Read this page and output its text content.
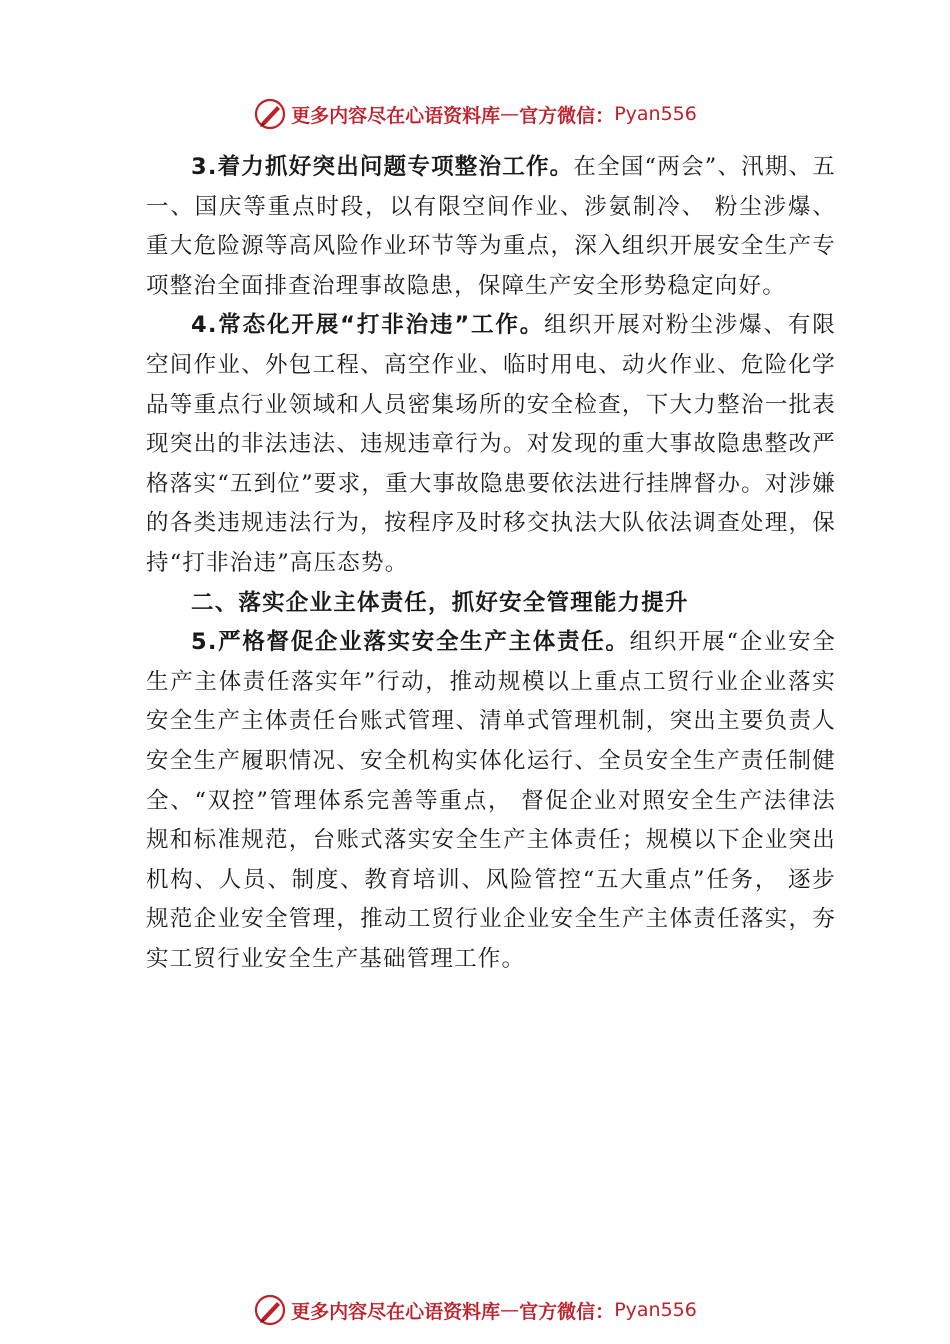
更多内容尽在心语资料库 — 官方微信： Pyan556

3.着力抓好突出问题专项整治工作。在全国“两会”、汛期、五一、国庆等重点时段，以有限空间作业、涉氨制冷、 粉尘涉爆、重大危险源等高风险作业环节等为重点，深入组织开展安全生产专项整治全面排查治理事故隐患，保障生产安全形势稳定向好。

4.常态化开展“打非治违”工作。组织开展对粉尘涉爆、有限空间作业、外包工程、高空作业、临时用电、动火作业、危险化学品等重点行业领域和人员密集场所的安全检查，下大力整治一批表现突出的非法违法、违规违章行为。对发现的重大事故隐患整改严格落实“五到位”要求，重大事故隐患要依法进行挂牌督办。对涉嫌的各类违规违法行为，按程序及时移交执法大队依法调查处理，保持“打非治违”高压态势。

二、落实企业主体责任，抓好安全管理能力提升

5.严格督促企业落实安全生产主体责任。组织开展“企业安全生产主体责任落实年”行动，推动规模以上重点工贸行业企业落实安全生产主体责任台账式管理、清单式管理机制，突出主要负责人安全生产履职情况、安全机构实体化运行、全员安全生产责任制健全、“双控”管理体系完善等重点， 督促企业对照安全生产法律法规和标准规范，台账式落实安全生产主体责任；规模以下企业突出机构、人员、制度、教育培训、风险管控“五大重点”任务， 逐步规范企业安全管理，推动工贸行业企业安全生产主体责任落实，夯实工贸行业安全生产基础管理工作。

更多内容尽在心语资料库 — 官方微信： Pyan556
